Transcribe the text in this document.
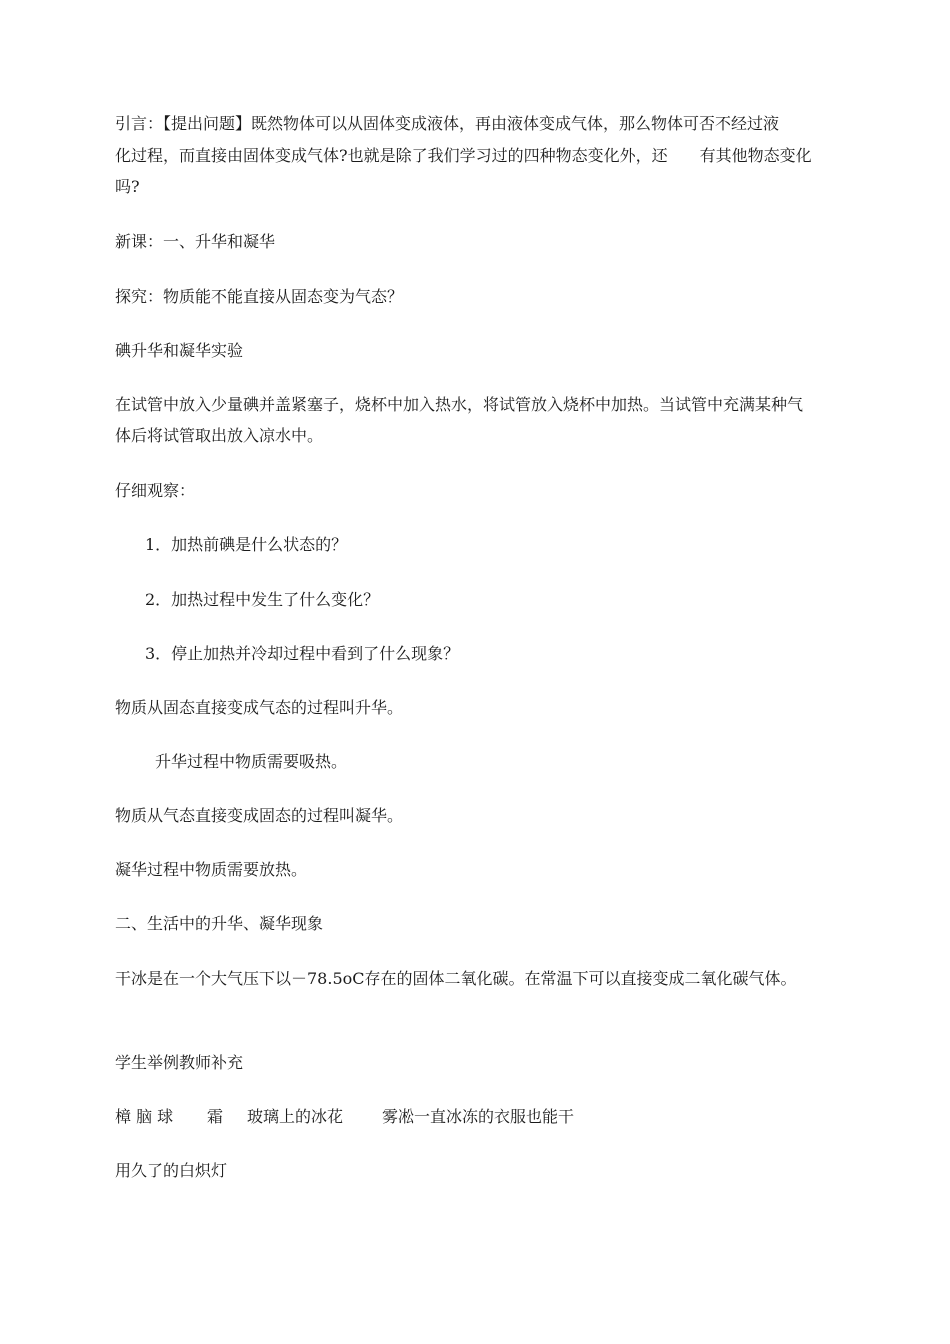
引言：【提出问题】既然物体可以从固体变成液体，再由液体变成气体，那么物体可否不经过液
化过程，而直接由固体变成气体?也就是除了我们学习过的四种物态变化外，还　　有其他物态变化
吗?
新课：一、升华和凝华
探究：物质能不能直接从固态变为气态？
碘升华和凝华实验
在试管中放入少量碘并盖紧塞子，烧杯中加入热水，将试管放入烧杯中加热。当试管中充满某种气
体后将试管取出放入凉水中。
仔细观察：
1．加热前碘是什么状态的？
2．加热过程中发生了什么变化？
3．停止加热并冷却过程中看到了什么现象？
物质从固态直接变成气态的过程叫升华。
升华过程中物质需要吸热。
物质从气态直接变成固态的过程叫凝华。
凝华过程中物质需要放热。
二、生活中的升华、凝华现象
干冰是在一个大气压下以－78.5oC存在的固体二氧化碳。在常温下可以直接变成二氧化碳气体。
学生举例教师补充
樟 脑 球 霜 玻璃上的冰花 雾凇一直冰冻的衣服也能干
用久了的白炽灯
